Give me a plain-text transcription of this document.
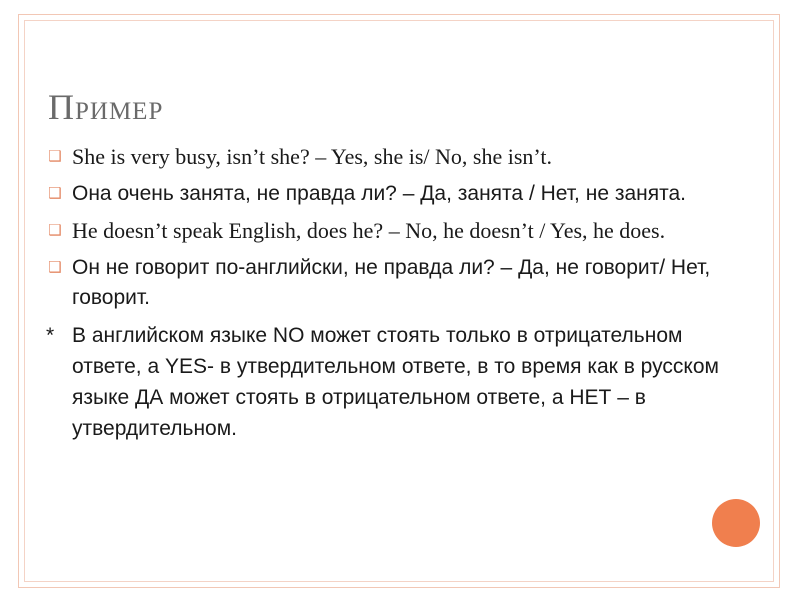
Пример
❑ She is very busy, isn’t she? – Yes, she is/ No, she isn’t.
❑ Она очень занята, не правда ли? – Да, занята / Нет, не занята.
❑ He doesn’t speak English, does he? – No, he doesn’t / Yes, he does.
❑ Он не говорит по-английски, не правда ли? – Да, не говорит/ Нет, говорит.
* В английском языке NO может стоять только в отрицательном ответе, а YES- в утвердительном ответе, в то время как в русском языке ДА может стоять в отрицательном ответе, а НЕТ – в утвердительном.
